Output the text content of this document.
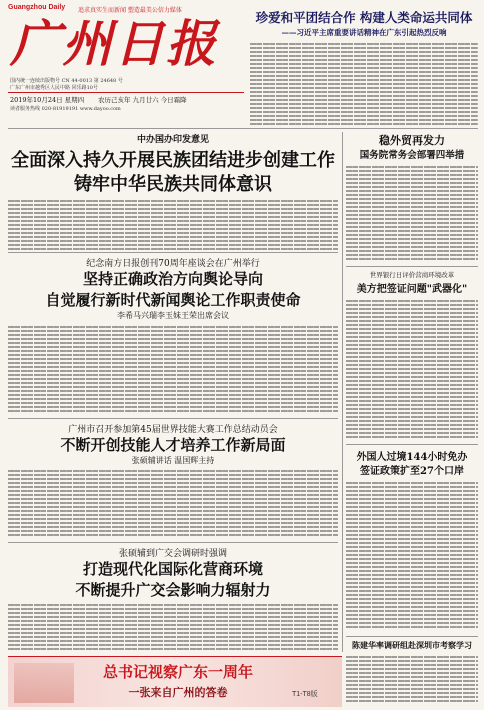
Guangzhou Daily 追求真实生而新闻 塑造最美公信力媒体
广州日报
国内统一连续出版物号 CN 44-0013 第 24648 号
广东广州市越秀区人民中路 同乐路10号
2019年10月24日 星期四 农历己亥年 九月廿六 今日霜降
读者服务热线 020-81919191 www.dayoo.com
珍爱和平团结合作 构建人类命运共同体
——习近平主席重要讲话精神在广东引起热烈反响
中办国办印发意见
全面深入持久开展民族团结进步创建工作
铸牢中华民族共同体意识
纪念南方日报创刊70周年座谈会在广州举行
坚持正确政治方向舆论导向
自觉履行新时代新闻舆论工作职责使命
李希马兴瑞李玉妹王荣出席会议
广州市召开参加第45届世界技能大赛工作总结动员会
不断开创技能人才培养工作新局面
张硕辅讲话 温国辉主持
张硕辅到广交会调研时强调
打造现代化国际化营商环境
不断提升广交会影响力辐射力
稳外贸再发力
国务院常务会部署四举措
世界银行日评价营商环境改革
美方把签证问题"武器化"
外国人过境144小时免办
签证政策扩至27个口岸
陈建华率调研组赴深圳市考察学习
总书记视察广东一周年
一张来自广州的答卷	T1-T8版
